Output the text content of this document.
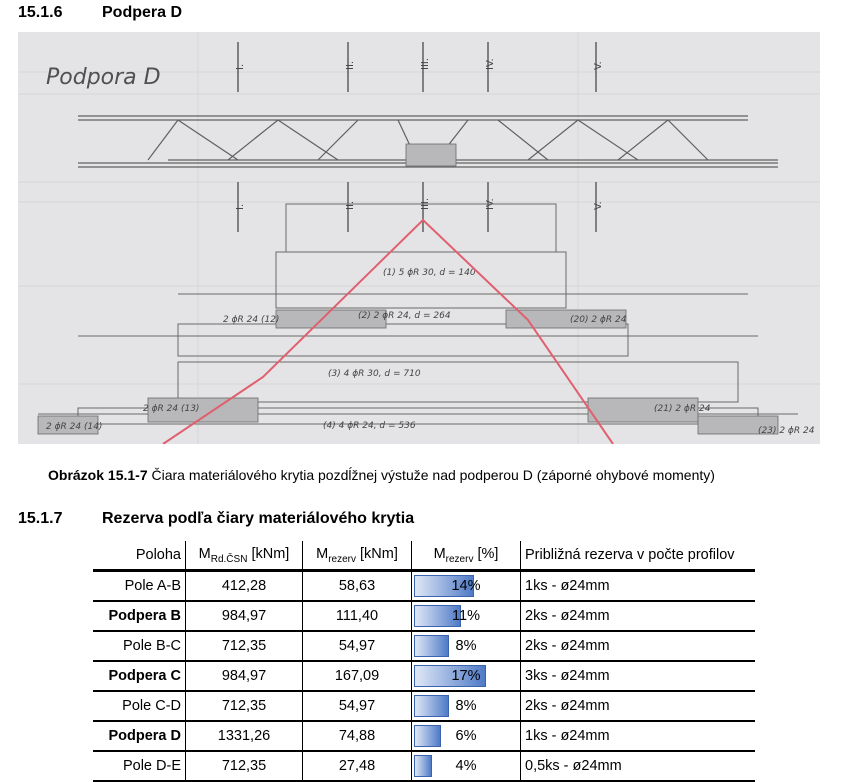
15.1.6 Podpera D
Podpora D	I.
I.
II.
II.
III.
III.
IV.
IV.
V.
V.
(1) 5 ϕR 30, d = 140
(2) 2 ϕR 24, d = 264
(3) 4 ϕR 30, d = 710
(4) 4 ϕR 24, d = 536
2 ϕR 24 (12)	(20) 2 ϕR 24
2 ϕR 24 (13)	(21) 2 ϕR 24
2 ϕR 24 (14)	(23) 2 ϕR 24
Obrázok 15.1-7 Čiara materiálového krytia pozdĺžnej výstuže nad podperou D (záporné ohybové momenty)
15.1.7 Rezerva podľa čiary materiálového krytia
Poloha	$M_{Rd.ČSN}$ [kNm]	$M_{rezerv}$ [kNm]	$M_{rezerv}$ [%]	Približná rezerva v počte profilov
Pole A-B	412,28	58,63	14%	1ks - ø24mm
Podpera B	984,97	111,40	11%	2ks - ø24mm
Pole B-C	712,35	54,97	8%	2ks - ø24mm
Podpera C	984,97	167,09	17%	3ks - ø24mm
Pole C-D	712,35	54,97	8%	2ks - ø24mm
Podpera D	1331,26	74,88	6%	1ks - ø24mm
Pole D-E	712,35	27,48	4%	0,5ks - ø24mm
